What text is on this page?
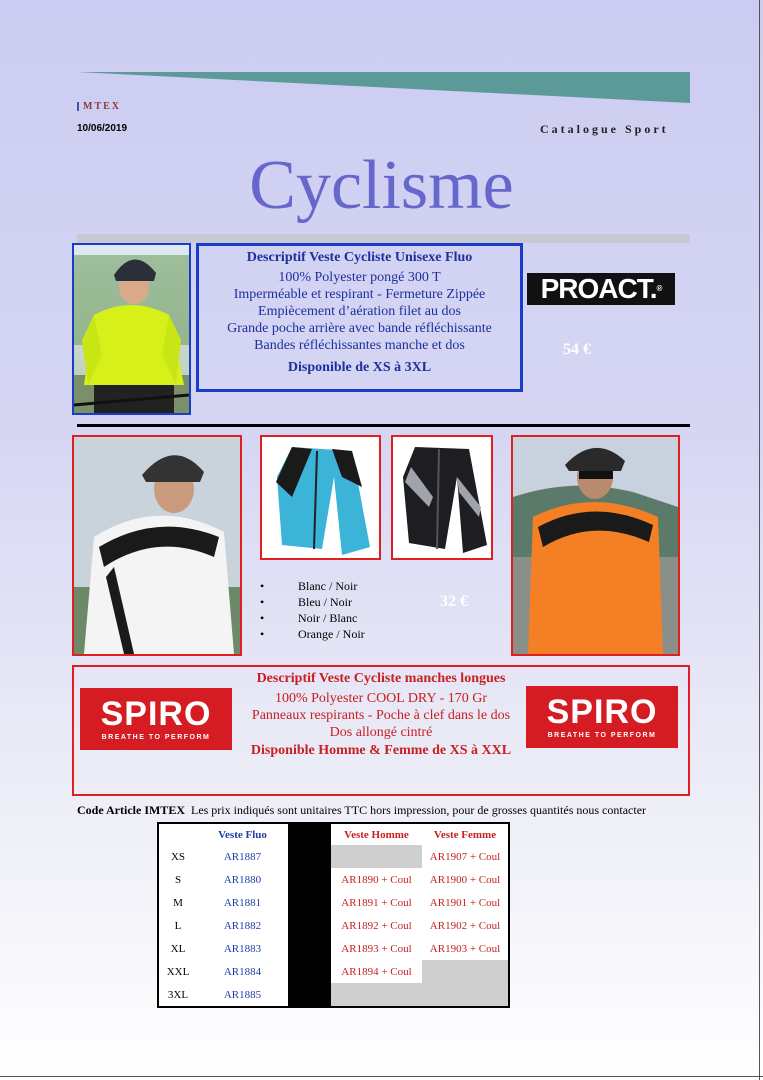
MTEX
10/06/2019	Catalogue Sport
Cyclisme
Descriptif Veste Cycliste Unisexe Fluo
100% Polyester pongé 300 T
Imperméable et respirant - Fermeture Zippée
Empiècement d’aération filet au dos
Grande poche arrière avec bande réfléchissante
Bandes réfléchissantes manche et dos
Disponible de XS à 3XL
PROACT.®
54 €
• Blanc / Noir
• Bleu / Noir
• Noir / Blanc
• Orange / Noir
32 €
Descriptif Veste Cycliste manches longues
100% Polyester COOL DRY - 170 Gr
Panneaux respirants - Poche à clef dans le dos
Dos allongé cintré
Disponible Homme & Femme de XS à XXL
SPIRO
BREATHE TO PERFORM
SPIRO
BREATHE TO PERFORM
Code Article IMTEX Les prix indiqués sont unitaires TTC hors impression, pour de grosses quantités nous contacter
	Veste Fluo		Veste Homme	Veste Femme
XS	AR1887			AR1907 + Coul
S	AR1880		AR1890 + Coul	AR1900 + Coul
M	AR1881		AR1891 + Coul	AR1901 + Coul
L	AR1882		AR1892 + Coul	AR1902 + Coul
XL	AR1883		AR1893 + Coul	AR1903 + Coul
XXL	AR1884		AR1894 + Coul	
3XL	AR1885			
